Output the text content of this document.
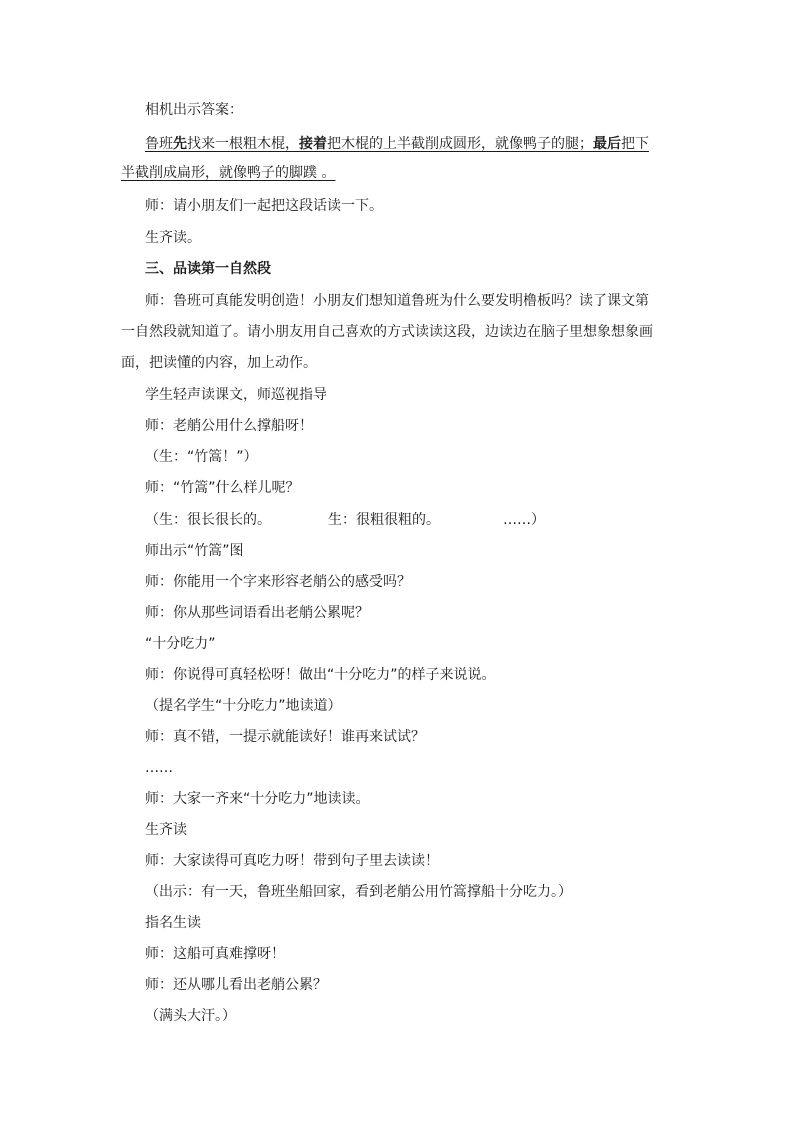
相机出示答案：
鲁班先找来一根粗木棍，接着把木棍的上半截削成圆形，就像鸭子的腿；最后把下
半截削成扁形，就像鸭子的脚蹼 。
师：请小朋友们一起把这段话读一下。
生齐读。
三、品读第一自然段
师：鲁班可真能发明创造！小朋友们想知道鲁班为什么要发明橹板吗？读了课文第
一自然段就知道了。请小朋友用自己喜欢的方式读读这段，边读边在脑子里想象想象画
面，把读懂的内容，加上动作。
学生轻声读课文，师巡视指导
师：老艄公用什么撑船呀！
（生：“竹篙！”）
师：“竹篙”什么样儿呢？
（生：很长很长的。	生：很粗很粗的。	……）
师出示“竹篙”图
师：你能用一个字来形容老艄公的感受吗？
师：你从那些词语看出老艄公累呢？
“十分吃力”
师：你说得可真轻松呀！做出“十分吃力”的样子来说说。
（提名学生“十分吃力”地读道）
师：真不错，一提示就能读好！谁再来试试？
……
师：大家一齐来“十分吃力”地读读。
生齐读
师：大家读得可真吃力呀！带到句子里去读读！
（出示：有一天，鲁班坐船回家，看到老艄公用竹篙撑船十分吃力。）
指名生读
师：这船可真难撑呀！
师：还从哪儿看出老艄公累？
（满头大汗。）
